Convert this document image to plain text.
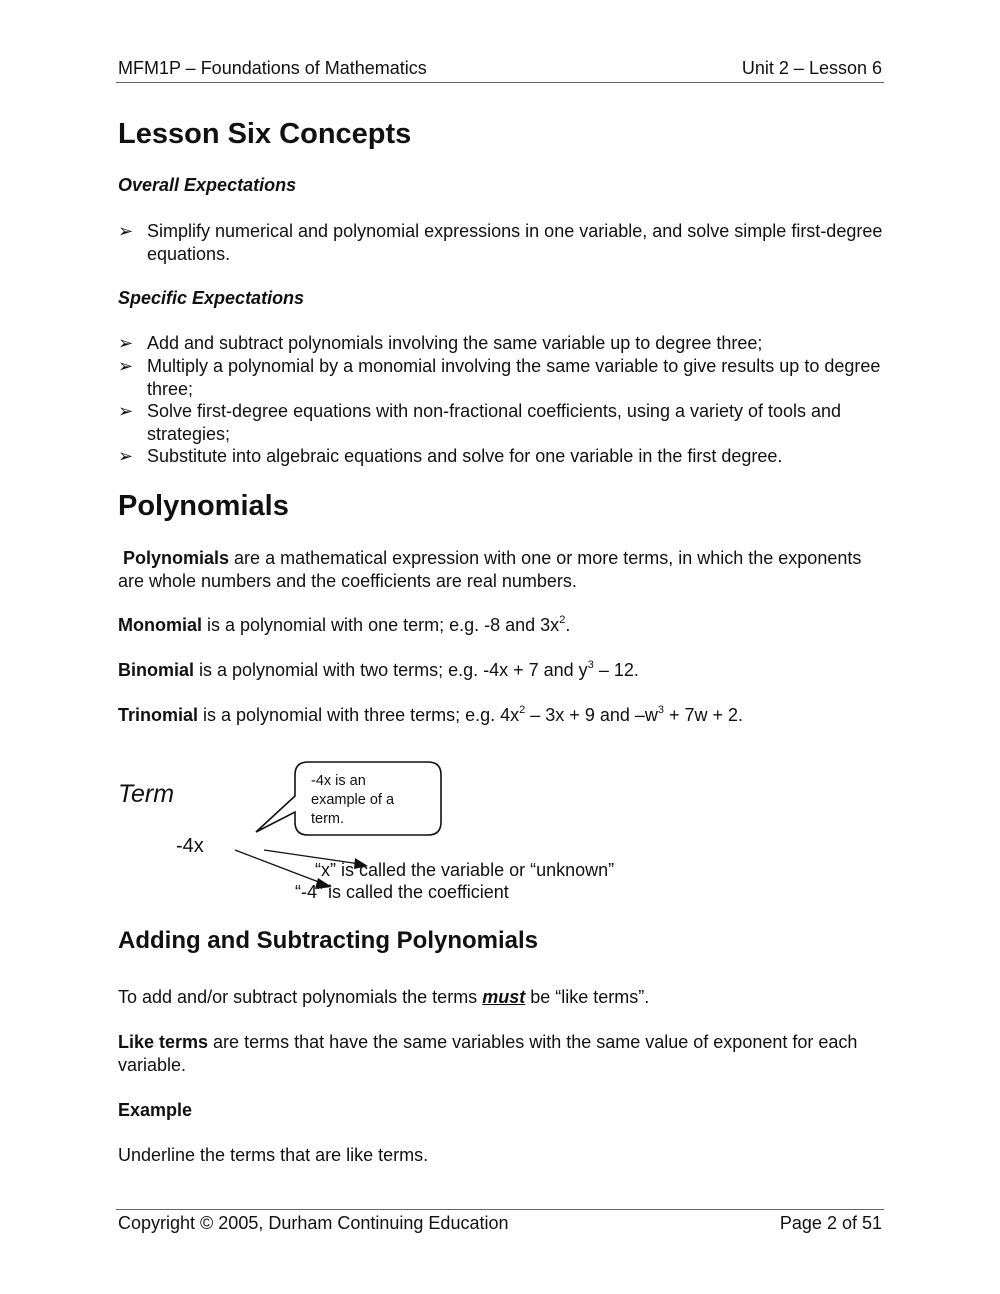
MFM1P – Foundations of Mathematics	Unit 2 – Lesson 6
Lesson Six Concepts
Overall Expectations
➢ Simplify numerical and polynomial expressions in one variable, and solve simple first-degree equations.
Specific Expectations
➢ Add and subtract polynomials involving the same variable up to degree three;
➢ Multiply a polynomial by a monomial involving the same variable to give results up to degree three;
➢ Solve first-degree equations with non-fractional coefficients, using a variety of tools and strategies;
➢ Substitute into algebraic equations and solve for one variable in the first degree.
Polynomials
Polynomials are a mathematical expression with one or more terms, in which the exponents are whole numbers and the coefficients are real numbers.
Monomial is a polynomial with one term; e.g. -8 and $3x^2$.
Binomial is a polynomial with two terms; e.g. -4x + 7 and $y^3 - 12$.
Trinomial is a polynomial with three terms; e.g. $4x^2 - 3x + 9$ and $-w^3 + 7w + 2$.
Term	-4x is an
example of a
term.
-4x
“x” is called the variable or “unknown”
“-4” is called the coefficient
Adding and Subtracting Polynomials
To add and/or subtract polynomials the terms must be “like terms”.
Like terms are terms that have the same variables with the same value of exponent for each variable.
Example
Underline the terms that are like terms.
Copyright © 2005, Durham Continuing Education	Page 2 of 51
